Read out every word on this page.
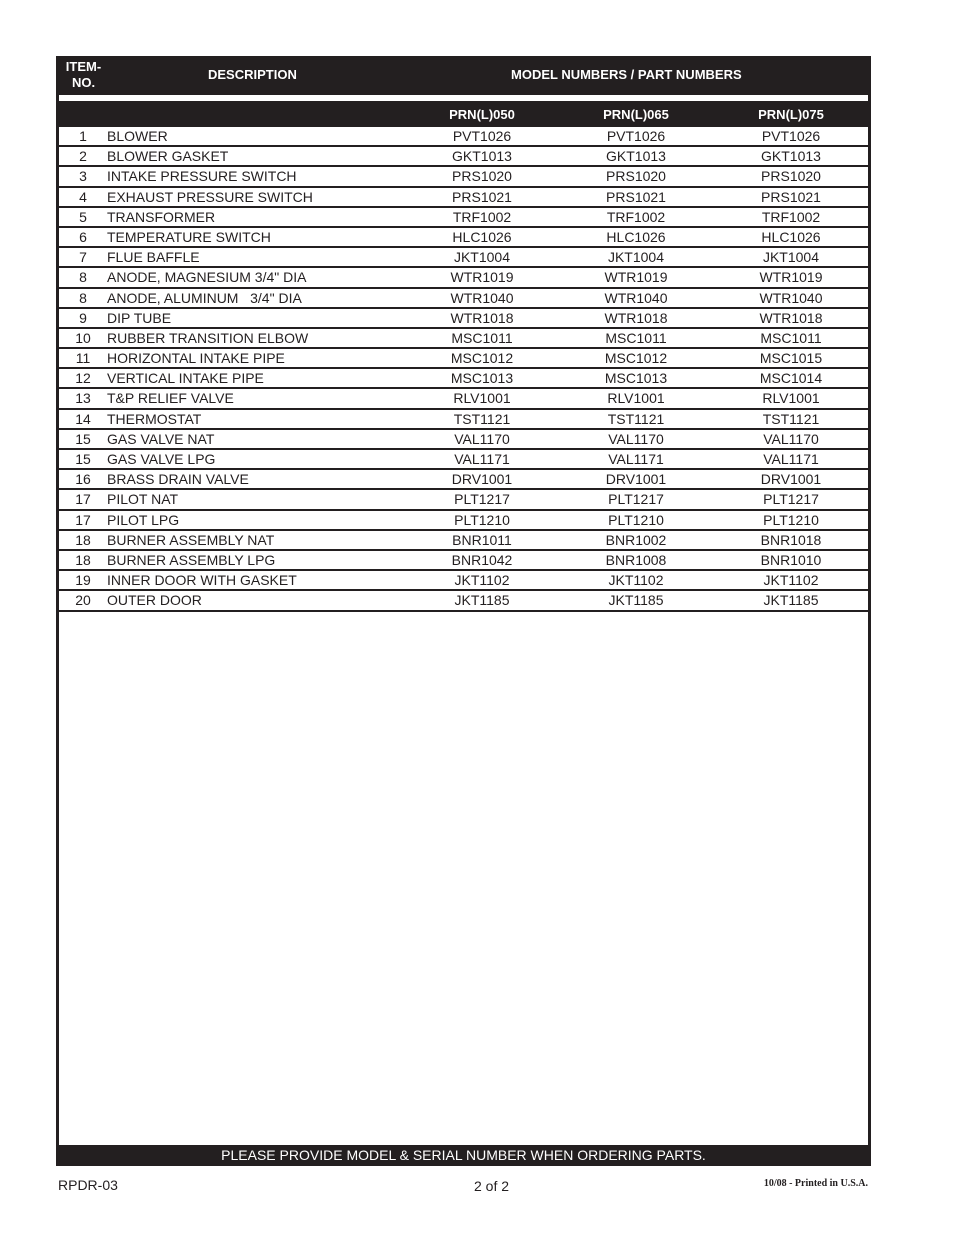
ITEM-
NO.
DESCRIPTION	MODEL NUMBERS / PART NUMBERS
PRN(L)050	PRN(L)065	PRN(L)075
1	BLOWER	PVT1026	PVT1026	PVT1026
2	BLOWER GASKET	GKT1013	GKT1013	GKT1013
3	INTAKE PRESSURE SWITCH	PRS1020	PRS1020	PRS1020
4	EXHAUST PRESSURE SWITCH	PRS1021	PRS1021	PRS1021
5	TRANSFORMER	TRF1002	TRF1002	TRF1002
6	TEMPERATURE SWITCH	HLC1026	HLC1026	HLC1026
7	FLUE BAFFLE	JKT1004	JKT1004	JKT1004
8	ANODE, MAGNESIUM 3/4" DIA	WTR1019	WTR1019	WTR1019
8	ANODE, ALUMINUM   3/4" DIA	WTR1040	WTR1040	WTR1040
9	DIP TUBE	WTR1018	WTR1018	WTR1018
10	RUBBER TRANSITION ELBOW	MSC1011	MSC1011	MSC1011
11	HORIZONTAL INTAKE PIPE	MSC1012	MSC1012	MSC1015
12	VERTICAL INTAKE PIPE	MSC1013	MSC1013	MSC1014
13	T&P RELIEF VALVE	RLV1001	RLV1001	RLV1001
14	THERMOSTAT	TST1121	TST1121	TST1121
15	GAS VALVE NAT	VAL1170	VAL1170	VAL1170
15	GAS VALVE LPG	VAL1171	VAL1171	VAL1171
16	BRASS DRAIN VALVE	DRV1001	DRV1001	DRV1001
17	PILOT NAT	PLT1217	PLT1217	PLT1217
17	PILOT LPG	PLT1210	PLT1210	PLT1210
18	BURNER ASSEMBLY NAT	BNR1011	BNR1002	BNR1018
18	BURNER ASSEMBLY LPG	BNR1042	BNR1008	BNR1010
19	INNER DOOR WITH GASKET	JKT1102	JKT1102	JKT1102
20	OUTER DOOR	JKT1185	JKT1185	JKT1185
PLEASE PROVIDE MODEL & SERIAL NUMBER WHEN ORDERING PARTS.
RPDR-03	2 of 2	10/08 - Printed in U.S.A.
